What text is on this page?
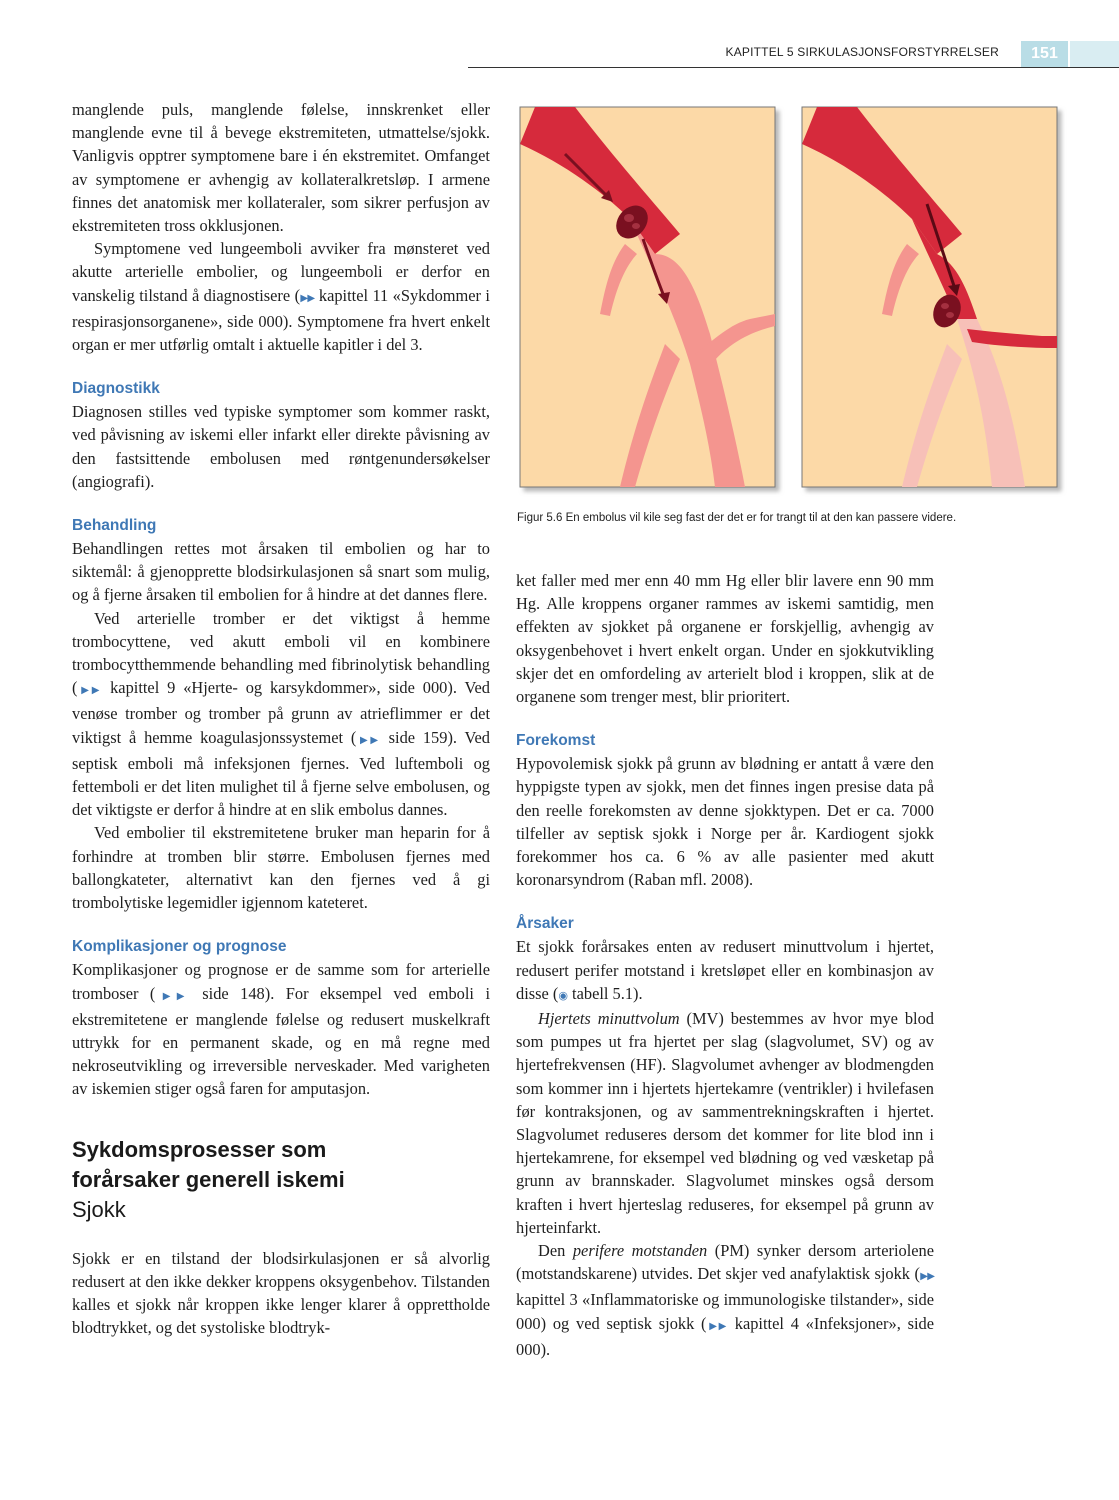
KAPITTEL 5 SIRKULASJONSFORSTYRRELSER	151
Figur 5.6 En embolus vil kile seg fast der det er for trangt til at den kan passere videre.

manglende puls, manglende følelse, innskrenket eller manglende evne til å bevege ekstremiteten, utmattelse/sjokk. Vanligvis opptrer symptomene bare i én ekstremitet. Omfanget av symptomene er avhengig av kollateralkretsløp. I armene finnes det anatomisk mer kollateraler, som sikrer perfusjon av ekstremiteten tross okklusjonen.

Symptomene ved lungeemboli avviker fra mønsteret ved akutte arterielle embolier, og lungeemboli er derfor en vanskelig tilstand å diagnostisere (▶▶ kapittel 11 «Sykdommer i respirasjonsorganene», side 000). Symptomene fra hvert enkelt organ er mer utførlig omtalt i aktuelle kapitler i del 3.

Diagnostikk

Diagnosen stilles ved typiske symptomer som kommer raskt, ved påvisning av iskemi eller infarkt eller direkte påvisning av den fastsittende embolusen med røntgenundersøkelser (angiografi).

Behandling

Behandlingen rettes mot årsaken til embolien og har to siktemål: å gjenopprette blodsirkulasjonen så snart som mulig, og å fjerne årsaken til embolien for å hindre at det dannes flere.

Ved arterielle tromber er det viktigst å hemme trombocyttene, ved akutt emboli vil en kombinere trombocytthemmende behandling med fibrinolytisk behandling (▶▶ kapittel 9 «Hjerte- og karsykdommer», side 000). Ved venøse tromber og tromber på grunn av atrieflimmer er det viktigst å hemme koagulasjonssystemet (▶▶ side 159). Ved septisk emboli må infeksjonen fjernes. Ved luftemboli og fettemboli er det liten mulighet til å fjerne selve embolusen, og det viktigste er derfor å hindre at en slik embolus dannes.

Ved embolier til ekstremitetene bruker man heparin for å forhindre at tromben blir større. Embolusen fjernes med ballongkateter, alternativt kan den fjernes ved å gi trombolytiske legemidler igjennom kateteret.

Komplikasjoner og prognose

Komplikasjoner og prognose er de samme som for arterielle tromboser (▶▶ side 148). For eksempel ved emboli i ekstremitetene er manglende følelse og redusert muskelkraft uttrykk for en permanent skade, og en må regne med nekroseutvikling og irreversible nerveskader. Med varigheten av iskemien stiger også faren for amputasjon.

Sykdomsprosesser som
forårsaker generell iskemi
Sjokk

Sjokk er en tilstand der blodsirkulasjonen er så alvorlig redusert at den ikke dekker kroppens oksygenbehov. Tilstanden kalles et sjokk når kroppen ikke lenger klarer å opprettholde blodtrykket, og det systoliske blodtryk-

ket faller med mer enn 40 mm Hg eller blir lavere enn 90 mm Hg. Alle kroppens organer rammes av iskemi samtidig, men effekten av sjokket på organene er forskjellig, avhengig av oksygenbehovet i hvert enkelt organ. Under en sjokkutvikling skjer det en omfordeling av arterielt blod i kroppen, slik at de organene som trenger mest, blir prioritert.

Forekomst

Hypovolemisk sjokk på grunn av blødning er antatt å være den hyppigste typen av sjokk, men det finnes ingen presise data på den reelle forekomsten av denne sjokktypen. Det er ca. 7000 tilfeller av septisk sjokk i Norge per år. Kardiogent sjokk forekommer hos ca. 6 % av alle pasienter med akutt koronarsyndrom (Raban mfl. 2008).

Årsaker

Et sjokk forårsakes enten av redusert minuttvolum i hjertet, redusert perifer motstand i kretsløpet eller en kombinasjon av disse (◉ tabell 5.1).

Hjertets minuttvolum (MV) bestemmes av hvor mye blod som pumpes ut fra hjertet per slag (slagvolumet, SV) og av hjertefrekvensen (HF). Slagvolumet avhenger av blodmengden som kommer inn i hjertets hjertekamre (ventrikler) i hvilefasen før kontraksjonen, og av sammentrekningskraften i hjertet. Slagvolumet reduseres dersom det kommer for lite blod inn i hjertekamrene, for eksempel ved blødning og ved væsketap på grunn av brannskader. Slagvolumet minskes også dersom kraften i hvert hjerteslag reduseres, for eksempel på grunn av hjerteinfarkt.

Den perifere motstanden (PM) synker dersom arteriolene (motstandskarene) utvides. Det skjer ved anafylaktisk sjokk (▶▶ kapittel 3 «Inflammatoriske og immunologiske tilstander», side 000) og ved septisk sjokk (▶▶ kapittel 4 «Infeksjoner», side 000).
